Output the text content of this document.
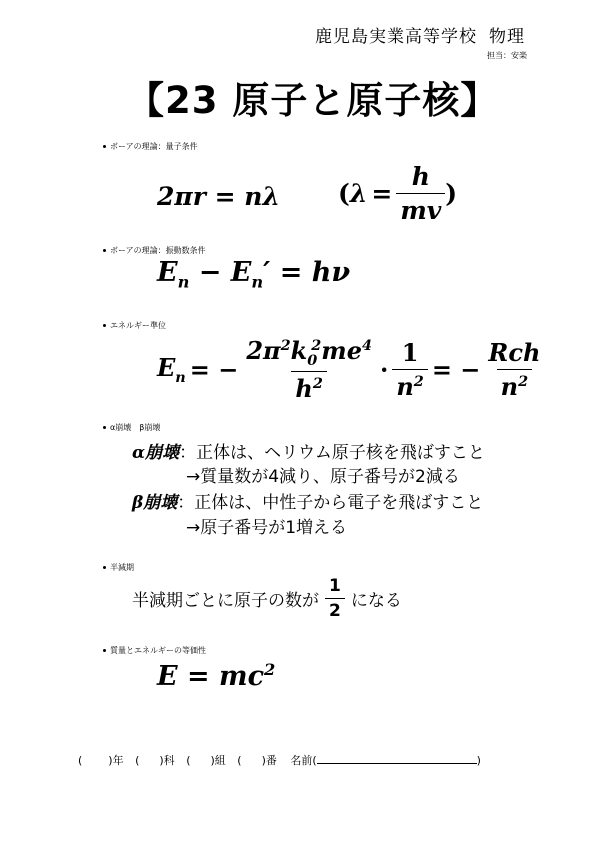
鹿児島実業高等学校 物理
担当：安楽
【23 原子と原子核】
ボーアの理論：量子条件
2πr = nλ ( $\lambda = \frac{h}{mv}$ )
ボーアの理論：振動数条件
$E_n - E_n' = h\nu$
エネルギー準位
$E_n$ = − $\frac{2\pi^2k_0^2me^4}{h^2} \cdot \frac{1}{n^2}$ = − $\frac{\text{Rch}}{n^2}$
α崩壊　β崩壊
α崩壊：正体は、ヘリウム原子核を飛ばすこと
→質量数が4減り、原子番号が2減る
β崩壊：正体は、中性子から電子を飛ばすこと
→原子番号が1増える
半減期
半減期ごとに原子の数が $\frac{1}{2}$ になる
質量とエネルギーの等価性
$E = mc^2$
( )年 ( )科 ( )組 ( )番 名前(	)
